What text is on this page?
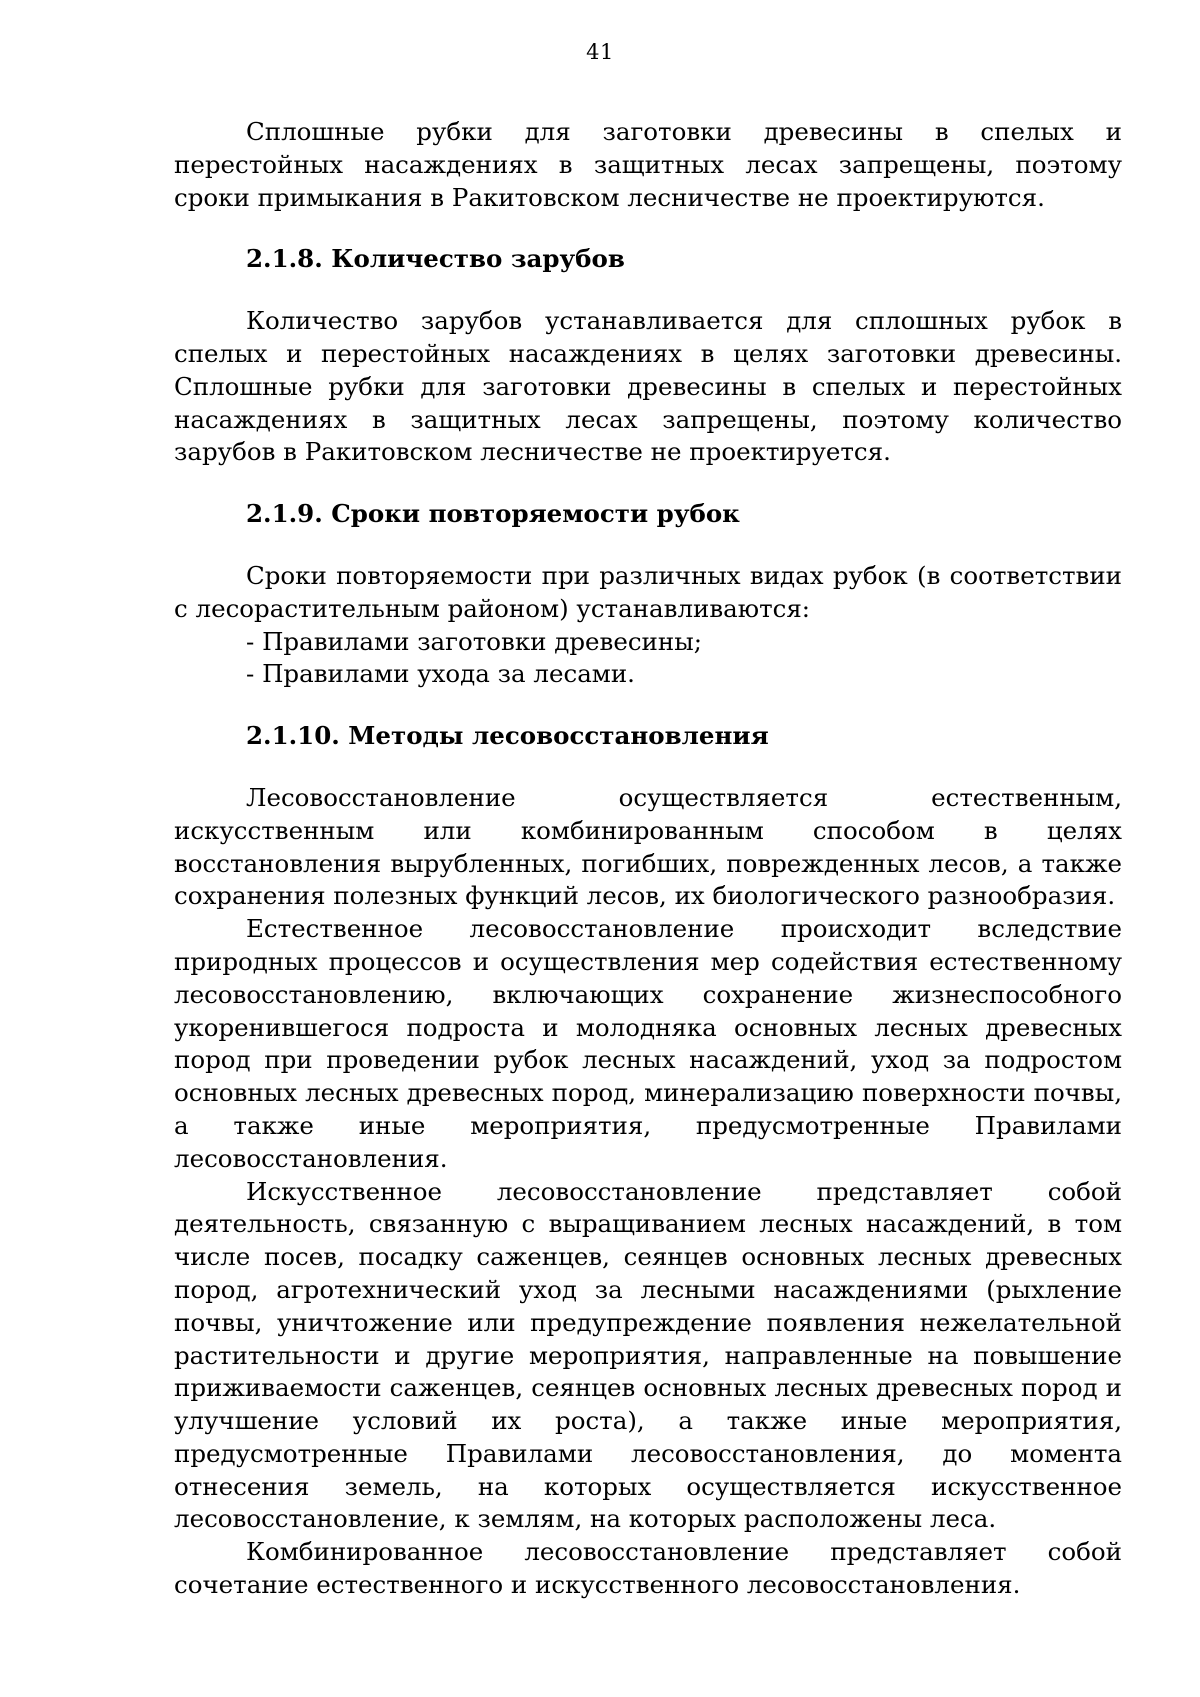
41

Сплошные рубки для заготовки древесины в спелых и перестойных насаждениях в защитных лесах запрещены, поэтому сроки примыкания в Ракитовском лесничестве не проектируются.

2.1.8. Количество зарубов

Количество зарубов устанавливается для сплошных рубок в спелых и перестойных насаждениях в целях заготовки древесины. Сплошные рубки для заготовки древесины в спелых и перестойных насаждениях в защитных лесах запрещены, поэтому количество зарубов в Ракитовском лесничестве не проектируется.

2.1.9. Сроки повторяемости рубок

Сроки повторяемости при различных видах рубок (в соответствии с лесорастительным районом) устанавливаются:

- Правилами заготовки древесины;

- Правилами ухода за лесами.

2.1.10. Методы лесовосстановления

Лесовосстановление осуществляется естественным, искусственным или комбинированным способом в целях восстановления вырубленных, погибших, поврежденных лесов, а также сохранения полезных функций лесов, их биологического разнообразия.

Естественное лесовосстановление происходит вследствие природных процессов и осуществления мер содействия естественному лесовосстановлению, включающих сохранение жизнеспособного укоренившегося подроста и молодняка основных лесных древесных пород при проведении рубок лесных насаждений, уход за подростом основных лесных древесных пород, минерализацию поверхности почвы, а также иные мероприятия, предусмотренные Правилами лесовосстановления.

Искусственное лесовосстановление представляет собой деятельность, связанную с выращиванием лесных насаждений, в том числе посев, посадку саженцев, сеянцев основных лесных древесных пород, агротехнический уход за лесными насаждениями (рыхление почвы, уничтожение или предупреждение появления нежелательной растительности и другие мероприятия, направленные на повышение приживаемости саженцев, сеянцев основных лесных древесных пород и улучшение условий их роста), а также иные мероприятия, предусмотренные Правилами лесовосстановления, до момента отнесения земель, на которых осуществляется искусственное лесовосстановление, к землям, на которых расположены леса.

Комбинированное лесовосстановление представляет собой сочетание естественного и искусственного лесовосстановления.
